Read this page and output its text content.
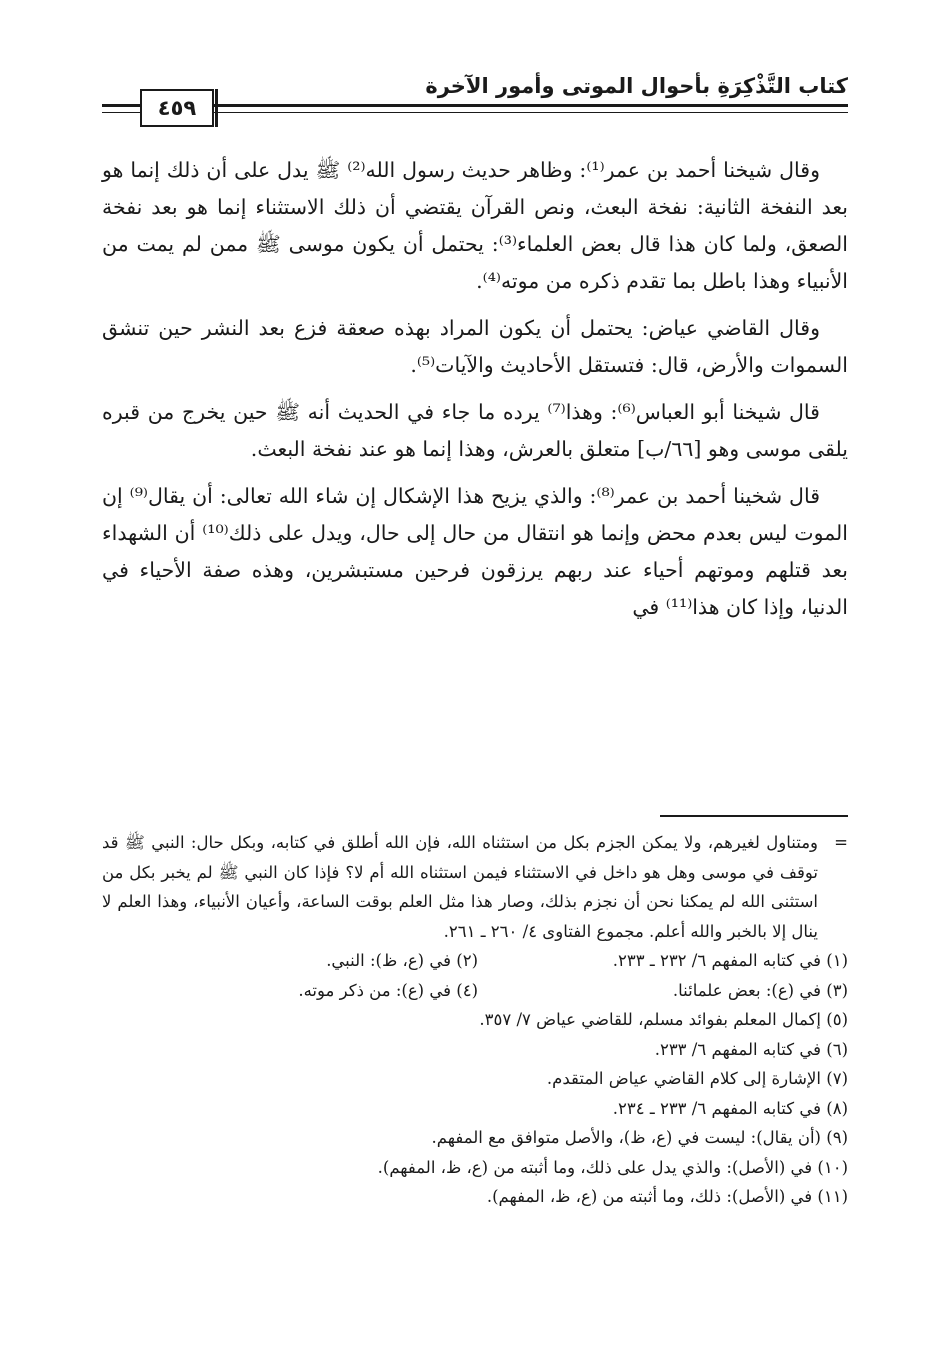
كتاب التَّذْكِرَةِ بأحوال الموتى وأمور الآخرة
٤٥٩

وقال شيخنا أحمد بن عمر⁽¹⁾: وظاهر حديث رسول الله⁽²⁾ ﷺ يدل على أن ذلك إنما هو بعد النفخة الثانية: نفخة البعث، ونص القرآن يقتضي أن ذلك الاستثناء إنما هو بعد نفخة الصعق، ولما كان هذا قال بعض العلماء⁽³⁾: يحتمل أن يكون موسى ﷺ ممن لم يمت من الأنبياء وهذا باطل بما تقدم ذكره من موته⁽⁴⁾.

وقال القاضي عياض: يحتمل أن يكون المراد بهذه صعقة فزع بعد النشر حين تنشق السموات والأرض، قال: فتستقل الأحاديث والآيات⁽⁵⁾.

قال شيخنا أبو العباس⁽⁶⁾: وهذا⁽⁷⁾ يرده ما جاء في الحديث أنه ﷺ حين يخرج من قبره يلقى موسى وهو [٦٦/ب] متعلق بالعرش، وهذا إنما هو عند نفخة البعث.

قال شخينا أحمد بن عمر⁽⁸⁾: والذي يزيح هذا الإشكال إن شاء الله تعالى: أن يقال⁽⁹⁾ إن الموت ليس بعدم محض وإنما هو انتقال من حال إلى حال، ويدل على ذلك⁽¹⁰⁾ أن الشهداء بعد قتلهم وموتهم أحياء عند ربهم يرزقون فرحين مستبشرين، وهذه صفة الأحياء في الدنيا، وإذا كان هذا⁽¹¹⁾ في

=
ومتناول لغيرهم، ولا يمكن الجزم بكل من استثناه الله، فإن الله أطلق في كتابه، وبكل حال: النبي ﷺ قد توقف في موسى وهل هو داخل في الاستثناء فيمن استثناه الله أم لا؟ فإذا كان النبي ﷺ لم يخبر بكل من استثنى الله لم يمكنا نحن أن نجزم بذلك، وصار هذا مثل العلم بوقت الساعة، وأعيان الأنبياء، وهذا العلم لا ينال إلا بالخبر والله أعلم. مجموع الفتاوى ٤/ ٢٦٠ ـ ٢٦١.
(١) في كتابه المفهم ٦/ ٢٣٢ ـ ٢٣٣.
(٢) في (ع، ظ): النبي.
(٣) في (ع): بعض علمائنا.
(٤) في (ع): من ذكر موته.
(٥) إكمال المعلم بفوائد مسلم، للقاضي عياض ٧/ ٣٥٧.
(٦) في كتابه المفهم ٦/ ٢٣٣.
(٧) الإشارة إلى كلام القاضي عياض المتقدم.
(٨) في كتابه المفهم ٦/ ٢٣٣ ـ ٢٣٤.
(٩) (أن يقال): ليست في (ع، ظ)، والأصل متوافق مع المفهم.
(١٠) في (الأصل): والذي يدل على ذلك، وما أثبته من (ع، ظ، المفهم).
(١١) في (الأصل): ذلك، وما أثبته من (ع، ظ، المفهم).
